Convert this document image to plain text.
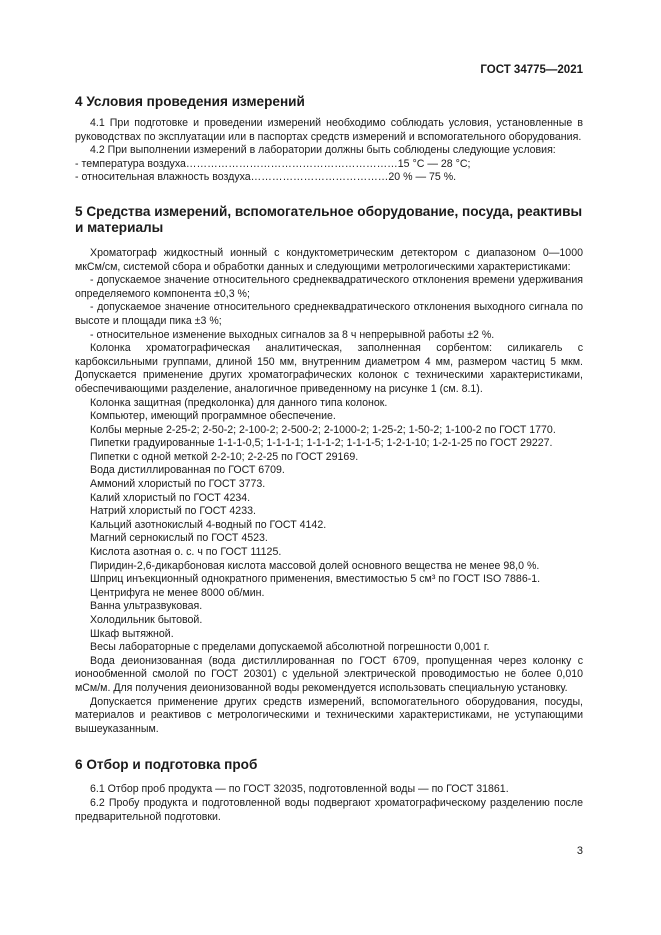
ГОСТ 34775—2021
4 Условия проведения измерений

4.1 При подготовке и проведении измерений необходимо соблюдать условия, установленные в руководствах по эксплуатации или в паспортах средств измерений и вспомогательного оборудования.

4.2 При выполнении измерений в лаборатории должны быть соблюдены следующие условия:

- температура воздуха……………………………………………………15 °С — 28 °С;

- относительная влажность воздуха…………………………………20 % — 75 %.

5 Средства измерений, вспомогательное оборудование, посуда, реактивы и материалы

Хроматограф жидкостный ионный с кондуктометрическим детектором с диапазоном 0—1000 мкСм/см, системой сбора и обработки данных и следующими метрологическими характеристиками:

- допускаемое значение относительного среднеквадратического отклонения времени удерживания определяемого компонента ±0,3 %;

- допускаемое значение относительного среднеквадратического отклонения выходного сигнала по высоте и площади пика ±3 %;

- относительное изменение выходных сигналов за 8 ч непрерывной работы ±2 %.

Колонка хроматографическая аналитическая, заполненная сорбентом: силикагель с карбоксильными группами, длиной 150 мм, внутренним диаметром 4 мм, размером частиц 5 мкм. Допускается применение других хроматографических колонок с техническими характеристиками, обеспечивающими разделение, аналогичное приведенному на рисунке 1 (см. 8.1).

Колонка защитная (предколонка) для данного типа колонок.

Компьютер, имеющий программное обеспечение.

Колбы мерные 2-25-2; 2-50-2; 2-100-2; 2-500-2; 2-1000-2; 1-25-2; 1-50-2; 1-100-2 по ГОСТ 1770.

Пипетки градуированные 1-1-1-0,5; 1-1-1-1; 1-1-1-2; 1-1-1-5; 1-2-1-10; 1-2-1-25 по ГОСТ 29227.

Пипетки с одной меткой 2-2-10; 2-2-25 по ГОСТ 29169.

Вода дистиллированная по ГОСТ 6709.

Аммоний хлористый по ГОСТ 3773.

Калий хлористый по ГОСТ 4234.

Натрий хлористый по ГОСТ 4233.

Кальций азотнокислый 4-водный по ГОСТ 4142.

Магний сернокислый по ГОСТ 4523.

Кислота азотная о. с. ч по ГОСТ 11125.

Пиридин-2,6-дикарбоновая кислота массовой долей основного вещества не менее 98,0 %.

Шприц инъекционный однократного применения, вместимостью 5 см³ по ГОСТ ISO 7886-1.

Центрифуга не менее 8000 об/мин.

Ванна ультразвуковая.

Холодильник бытовой.

Шкаф вытяжной.

Весы лабораторные с пределами допускаемой абсолютной погрешности 0,001 г.

Вода деионизованная (вода дистиллированная по ГОСТ 6709, пропущенная через колонку с ионообменной смолой по ГОСТ 20301) с удельной электрической проводимостью не более 0,010 мСм/м. Для получения деионизованной воды рекомендуется использовать специальную установку.

Допускается применение других средств измерений, вспомогательного оборудования, посуды, материалов и реактивов с метрологическими и техническими характеристиками, не уступающими вышеуказанным.

6 Отбор и подготовка проб

6.1 Отбор проб продукта — по ГОСТ 32035, подготовленной воды — по ГОСТ 31861.

6.2 Пробу продукта и подготовленной воды подвергают хроматографическому разделению после предварительной подготовки.

3
